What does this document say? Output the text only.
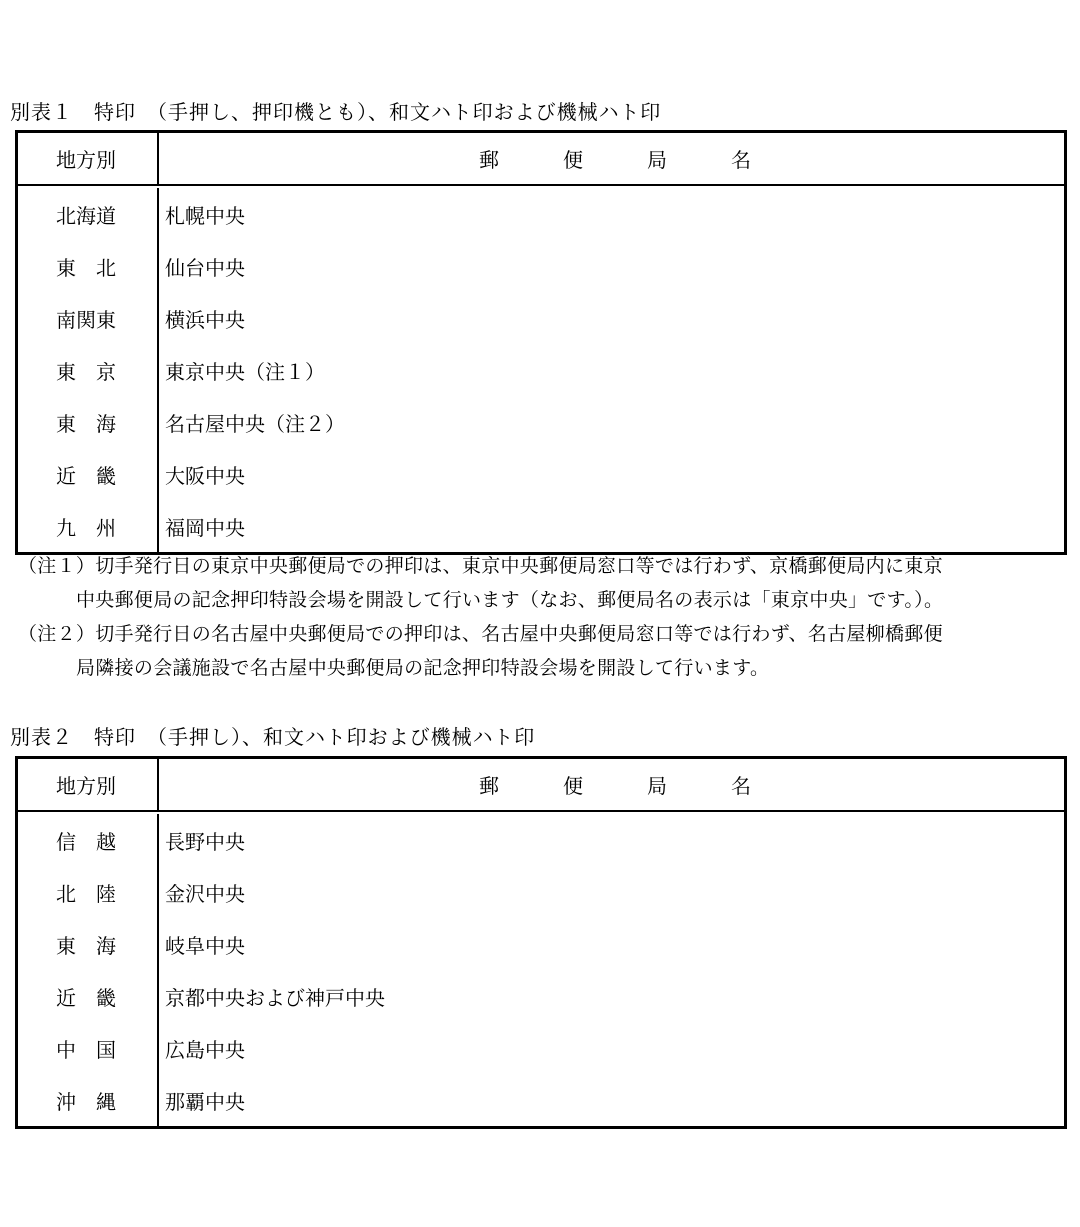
別表１　特印　（手押し、押印機とも）、和文ハト印および機械ハト印
地方別	郵	便	局	名
北海道	札幌中央
東　北	仙台中央
南関東	横浜中央
東　京	東京中央（注１）
東　海	名古屋中央（注２）
近　畿	大阪中央
九　州	福岡中央
（注１）切手発行日の東京中央郵便局での押印は、東京中央郵便局窓口等では行わず、京橋郵便局内に東京
中央郵便局の記念押印特設会場を開設して行います（なお、郵便局名の表示は「東京中央」です。）。
（注２）切手発行日の名古屋中央郵便局での押印は、名古屋中央郵便局窓口等では行わず、名古屋柳橋郵便
局隣接の会議施設で名古屋中央郵便局の記念押印特設会場を開設して行います。
別表２　特印　（手押し）、和文ハト印および機械ハト印
地方別	郵	便	局	名
信　越	長野中央
北　陸	金沢中央
東　海	岐阜中央
近　畿	京都中央および神戸中央
中　国	広島中央
沖　縄	那覇中央
